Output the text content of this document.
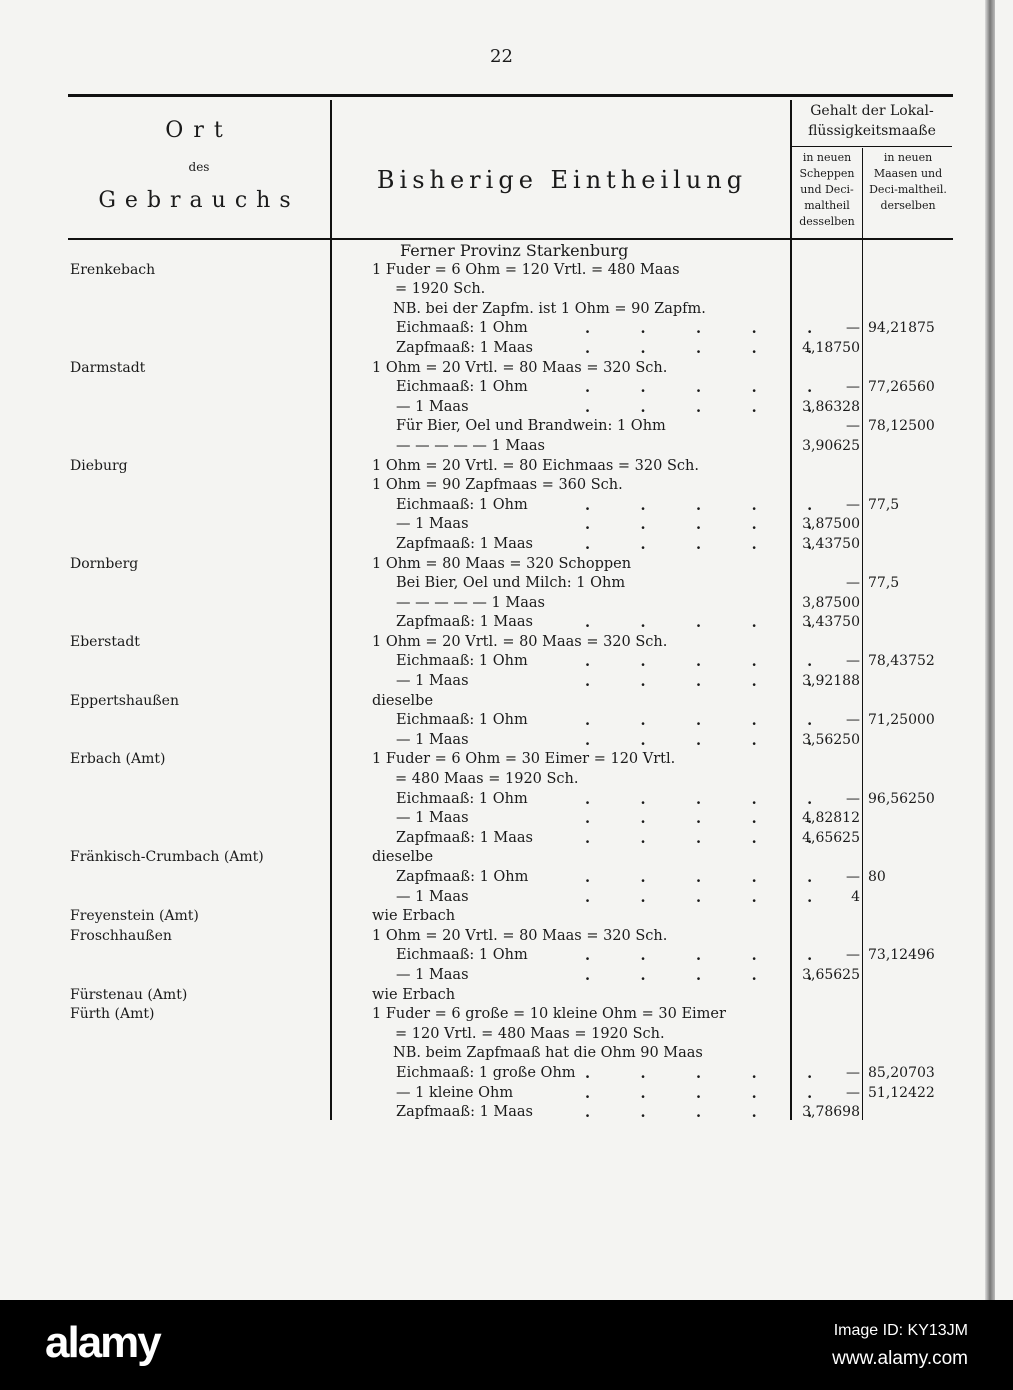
22
Ort
des
Gebrauchs
Bisherige Eintheilung
Gehalt der Lokal-flüssigkeitsmaaße
in neuen Scheppen und Deci-maltheil desselben
in neuen Maasen und Deci-maltheil. derselben
Ferner Provinz Starkenburg
Erenkebach	1 Fuder = 6 Ohm = 120 Vrtl. = 480 Maas
= 1920 Sch.
NB. bei der Zapfm. ist 1 Ohm = 90 Zapfm.
Eichmaaß: 1 Ohm .	— 94,21875
Zapfmaaß: 1 Maas .	4,18750
Darmstadt	1 Ohm = 20 Vrtl. = 80 Maas = 320 Sch.
Eichmaaß: 1 Ohm .	— 77,26560
— 1 Maas .	3,86328
Für Bier, Oel und Brandwein: 1 Ohm	— 78,12500
— — — — — 1 Maas	3,90625
Dieburg	1 Ohm = 20 Vrtl. = 80 Eichmaas = 320 Sch.
1 Ohm = 90 Zapfmaas = 360 Sch.
Eichmaaß: 1 Ohm .	— 77,5
— 1 Maas .	3,87500
Zapfmaaß: 1 Maas .	3,43750
Dornberg	1 Ohm = 80 Maas = 320 Schoppen
Bei Bier, Oel und Milch: 1 Ohm	— 77,5
— — — — — 1 Maas	3,87500
Zapfmaaß: 1 Maas .	3,43750
Eberstadt	1 Ohm = 20 Vrtl. = 80 Maas = 320 Sch.
Eichmaaß: 1 Ohm .	— 78,43752
— 1 Maas .	3,92188
Eppertshaußen	dieselbe
Eichmaaß: 1 Ohm .	— 71,25000
— 1 Maas .	3,56250
Erbach (Amt)	1 Fuder = 6 Ohm = 30 Eimer = 120 Vrtl.
= 480 Maas = 1920 Sch.
Eichmaaß: 1 Ohm .	— 96,56250
— 1 Maas .	4,82812
Zapfmaaß: 1 Maas .	4,65625
Fränkisch-Crumbach (Amt)	dieselbe
Zapfmaaß: 1 Ohm .	— 80
— 1 Maas .	4
Freyenstein (Amt)	wie Erbach
Froschhaußen	1 Ohm = 20 Vrtl. = 80 Maas = 320 Sch.
Eichmaaß: 1 Ohm .	— 73,12496
— 1 Maas .	3,65625
Fürstenau (Amt)	wie Erbach
Fürth (Amt)	1 Fuder = 6 große = 10 kleine Ohm = 30 Eimer
= 120 Vrtl. = 480 Maas = 1920 Sch.
NB. beim Zapfmaaß hat die Ohm 90 Maas
Eichmaaß: 1 große Ohm .	— 85,20703
— 1 kleine Ohm .	— 51,12422
Zapfmaaß: 1 Maas .	3,78698
alamy	Image ID: KY13JM
www.alamy.com
